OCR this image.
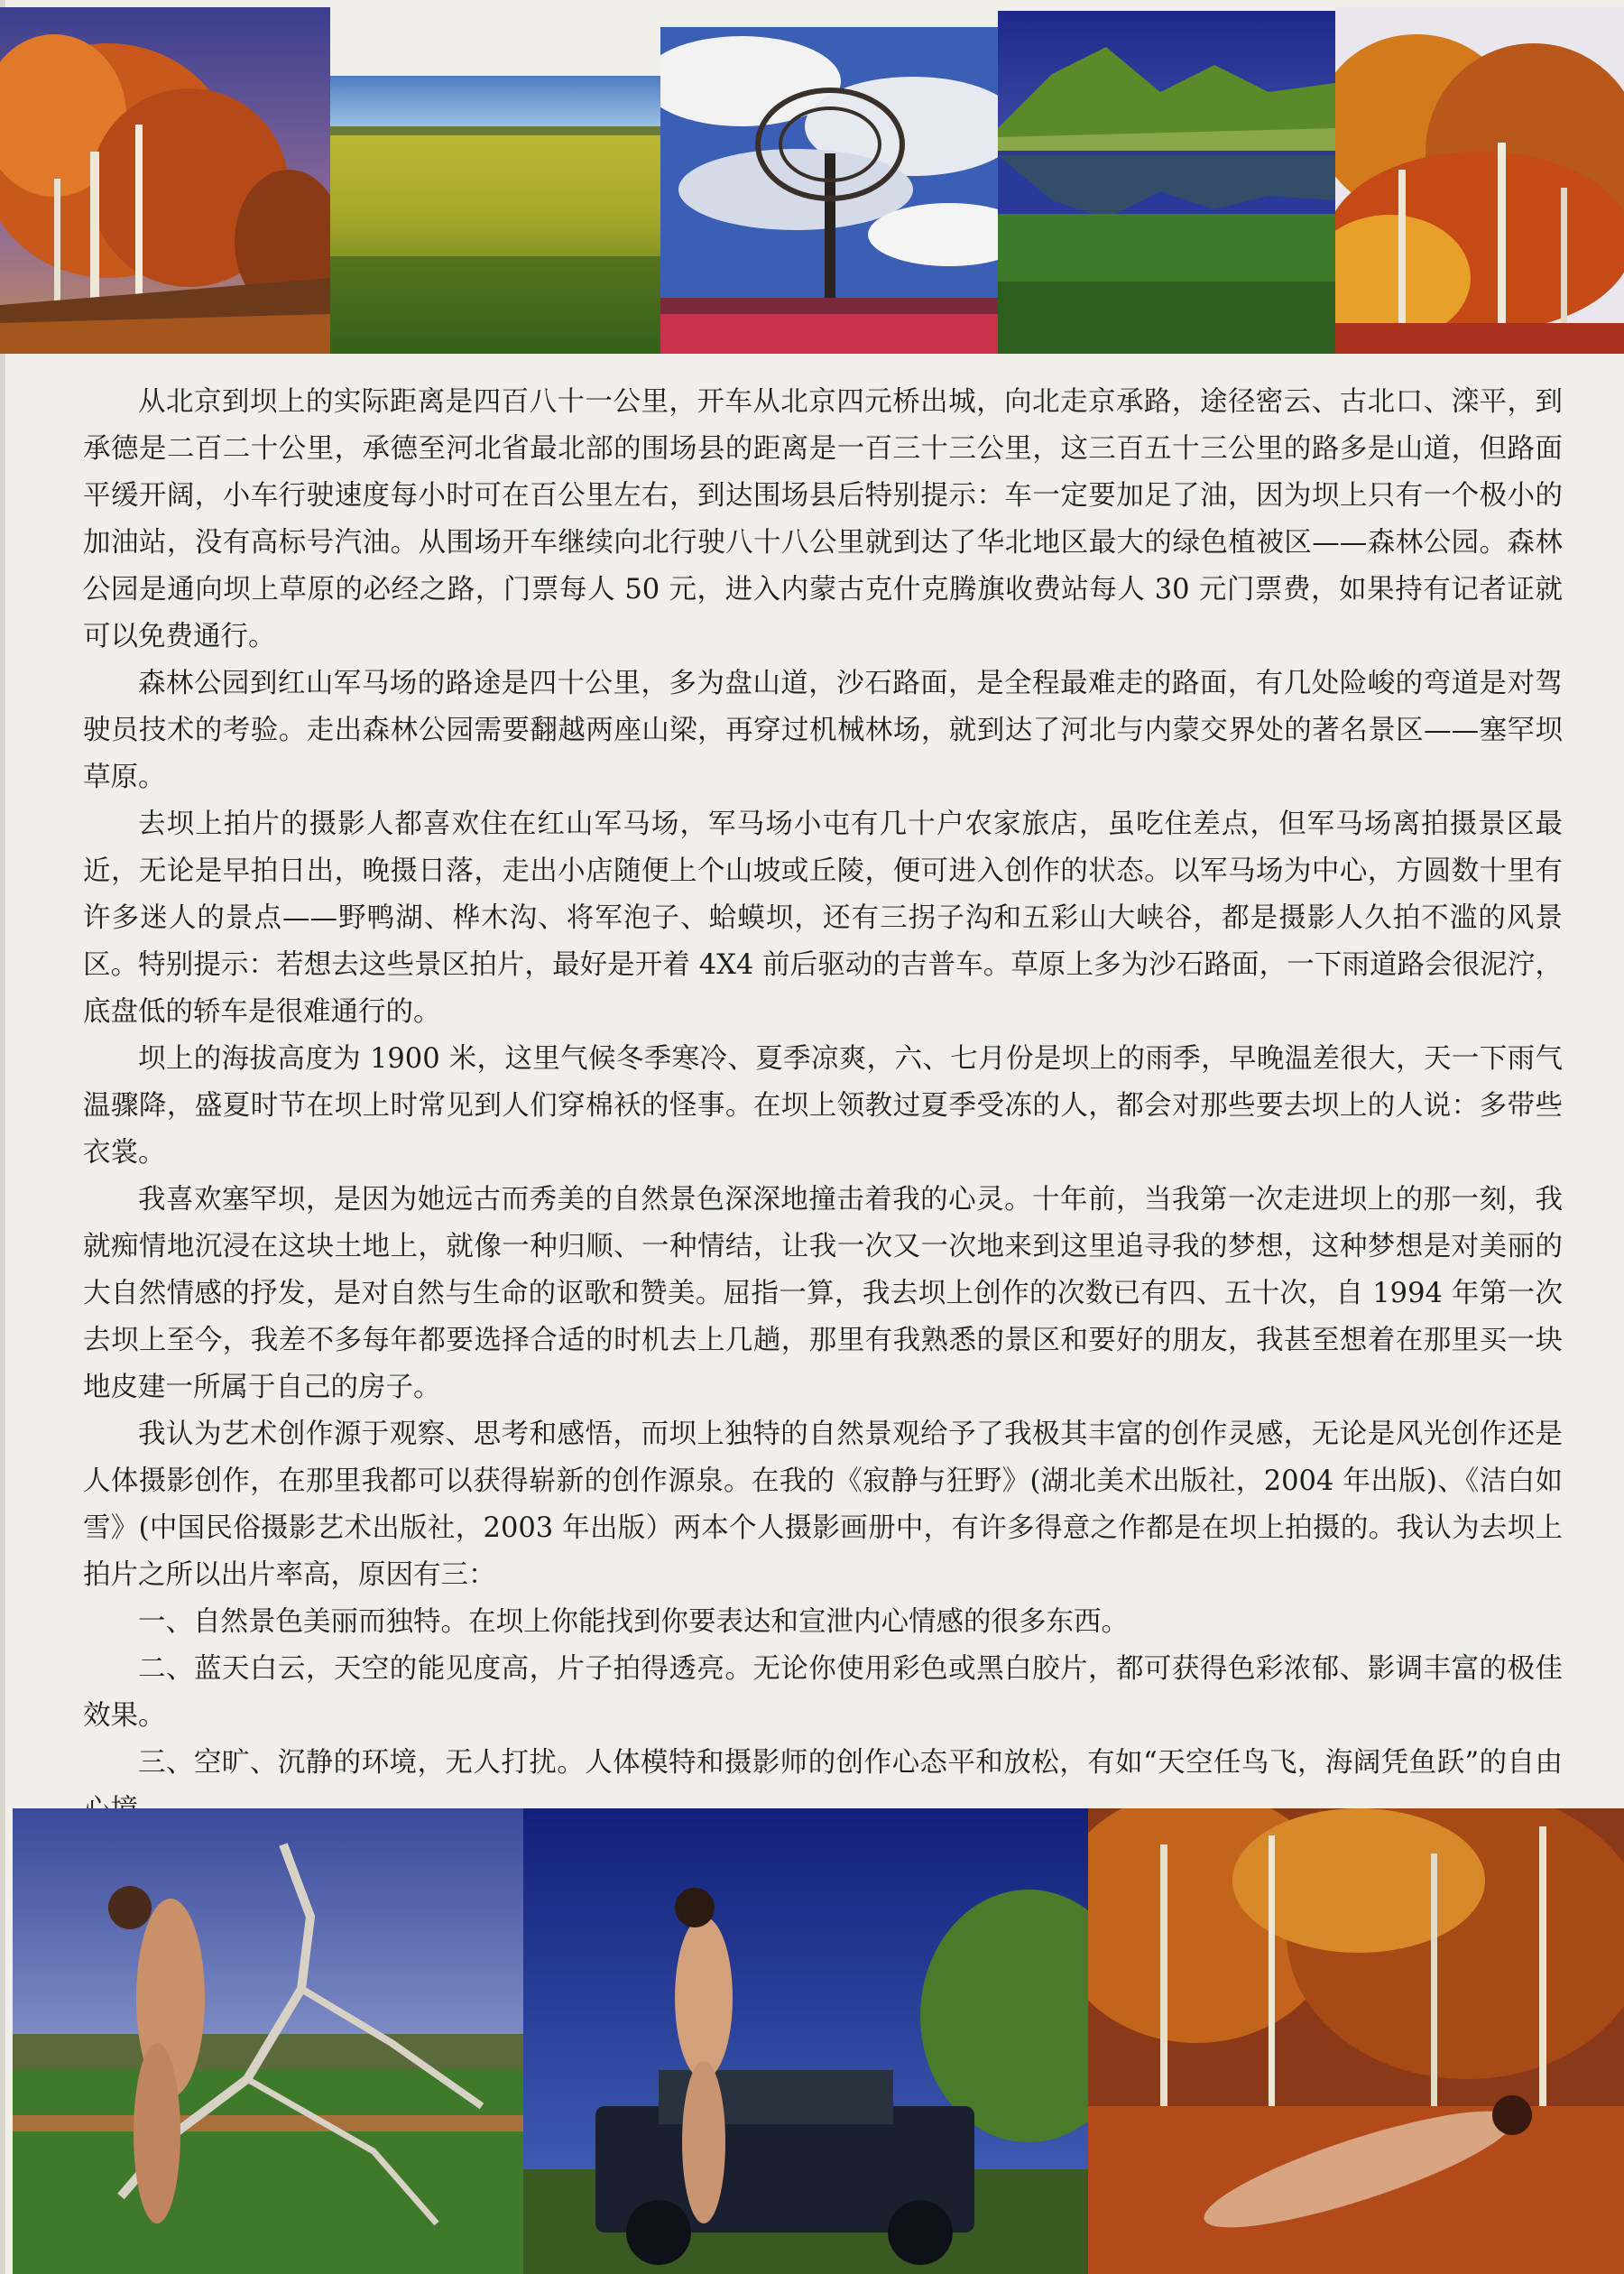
从北京到坝上的实际距离是四百八十一公里，开车从北京四元桥出城，向北走京承路，途径密云、古北口、滦平，到承德是二百二十公里，承德至河北省最北部的围场县的距离是一百三十三公里，这三百五十三公里的路多是山道，但路面平缓开阔，小车行驶速度每小时可在百公里左右，到达围场县后特别提示：车一定要加足了油，因为坝上只有一个极小的加油站，没有高标号汽油。从围场开车继续向北行驶八十八公里就到达了华北地区最大的绿色植被区——森林公园。森林公园是通向坝上草原的必经之路，门票每人 50 元，进入内蒙古克什克腾旗收费站每人 30 元门票费，如果持有记者证就可以免费通行。

森林公园到红山军马场的路途是四十公里，多为盘山道，沙石路面，是全程最难走的路面，有几处险峻的弯道是对驾驶员技术的考验。走出森林公园需要翻越两座山梁，再穿过机械林场，就到达了河北与内蒙交界处的著名景区——塞罕坝草原。

去坝上拍片的摄影人都喜欢住在红山军马场，军马场小屯有几十户农家旅店，虽吃住差点，但军马场离拍摄景区最近，无论是早拍日出，晚摄日落，走出小店随便上个山坡或丘陵，便可进入创作的状态。以军马场为中心，方圆数十里有许多迷人的景点——野鸭湖、桦木沟、将军泡子、蛤蟆坝，还有三拐子沟和五彩山大峡谷，都是摄影人久拍不滥的风景区。特别提示：若想去这些景区拍片，最好是开着 4X4 前后驱动的吉普车。草原上多为沙石路面，一下雨道路会很泥泞，底盘低的轿车是很难通行的。

坝上的海拔高度为 1900 米，这里气候冬季寒冷、夏季凉爽，六、七月份是坝上的雨季，早晚温差很大，天一下雨气温骤降，盛夏时节在坝上时常见到人们穿棉袄的怪事。在坝上领教过夏季受冻的人，都会对那些要去坝上的人说：多带些衣裳。

我喜欢塞罕坝，是因为她远古而秀美的自然景色深深地撞击着我的心灵。十年前，当我第一次走进坝上的那一刻，我就痴情地沉浸在这块土地上，就像一种归顺、一种情结，让我一次又一次地来到这里追寻我的梦想，这种梦想是对美丽的大自然情感的抒发，是对自然与生命的讴歌和赞美。屈指一算，我去坝上创作的次数已有四、五十次，自 1994 年第一次去坝上至今，我差不多每年都要选择合适的时机去上几趟，那里有我熟悉的景区和要好的朋友，我甚至想着在那里买一块地皮建一所属于自己的房子。

我认为艺术创作源于观察、思考和感悟，而坝上独特的自然景观给予了我极其丰富的创作灵感，无论是风光创作还是人体摄影创作，在那里我都可以获得崭新的创作源泉。在我的《寂静与狂野》(湖北美术出版社，2004 年出版)、《洁白如雪》(中国民俗摄影艺术出版社，2003 年出版）两本个人摄影画册中，有许多得意之作都是在坝上拍摄的。我认为去坝上拍片之所以出片率高，原因有三：

一、自然景色美丽而独特。在坝上你能找到你要表达和宣泄内心情感的很多东西。

二、蓝天白云，天空的能见度高，片子拍得透亮。无论你使用彩色或黑白胶片，都可获得色彩浓郁、影调丰富的极佳效果。

三、空旷、沉静的环境，无人打扰。人体模特和摄影师的创作心态平和放松，有如“天空任鸟飞，海阔凭鱼跃”的自由
